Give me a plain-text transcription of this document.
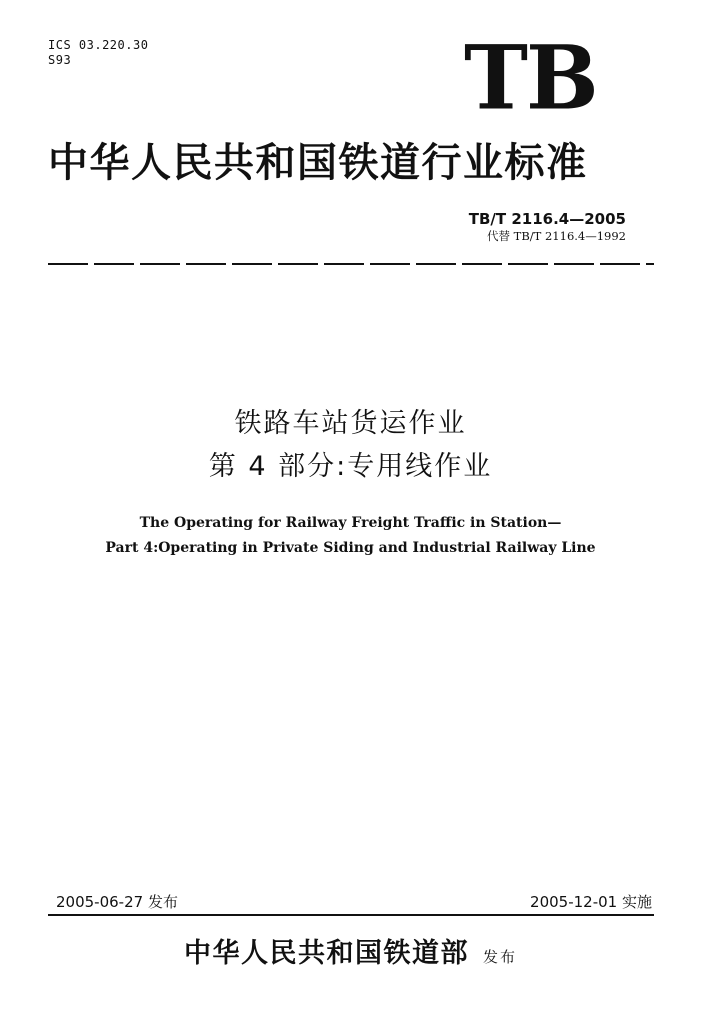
ICS 03.220.30
S93	TB
中华人民共和国铁道行业标准
TB/T 2116.4—2005
代替 TB/T 2116.4—1992
铁路车站货运作业
第 4 部分:专用线作业
The Operating for Railway Freight Traffic in Station—
Part 4:Operating in Private Siding and Industrial Railway Line
2005-06-27 发布	2005-12-01 实施
中华人民共和国铁道部 发布
